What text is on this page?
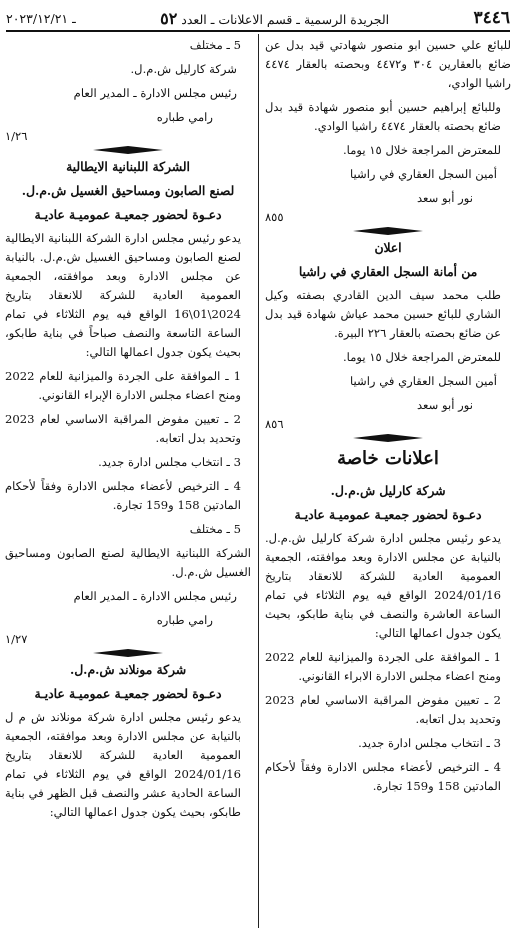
٣٤٤٦
الجريدة الرسمية ـ قسم الاعلانات ـ العدد ٥٢
ـ ٢٠٢٣/١٢/٢١

للبائع علي حسين ابو منصور شهادتي قيد بدل عن ضائع بالعقارين ٣٠٤ و٤٤٧٢ وبحصته بالعقار ٤٤٧٤ راشيا الوادي،

وللبائع إبراهيم حسين أبو منصور شهادة قيد بدل ضائع بحصته بالعقار ٤٤٧٤ راشيا الوادي.

للمعترض المراجعة خلال ١٥ يوما.

أمين السجل العقاري في راشيا

نور أبو سعد

٨٥٥

اعلان

من أمانة السجل العقاري في راشيا

طلب محمد سيف الدين القادري بصفته وكيل الشاري للبائع حسين محمد عياش شهادة قيد بدل عن ضائع بحصته بالعقار ٢٢٦ البيرة.

للمعترض المراجعة خلال ١٥ يوما.

أمين السجل العقاري في راشيا

نور أبو سعد

٨٥٦

اعلانات خاصة

شركة كارليل ش.م.ل.

دعـوة لحضور جمعيـة عموميـة عاديـة

يدعو رئيس مجلس ادارة شركة كارليل ش.م.ل. بالنيابة عن مجلس الادارة وبعد موافقته، الجمعية العمومية العادية للشركة للانعقاد بتاريخ 2024/01/16 الواقع فيه يوم الثلاثاء في تمام الساعة العاشرة والنصف في بناية طابكو، بحيث يكون جدول اعمالها التالي:

1 ـ الموافقة على الجردة والميزانية للعام 2022 ومنح اعضاء مجلس الادارة الابراء القانوني.

2 ـ تعيين مفوض المراقبة الاساسي لعام 2023 وتحديد بدل اتعابه.

3 ـ انتخاب مجلس ادارة جديد.

4 ـ الترخيص لأعضاء مجلس الادارة وفقاً لأحكام المادتين 158 و159 تجارة.

5 ـ مختلف

شركة كارليل ش.م.ل.

رئيس مجلس الادارة ـ المدير العام

رامي طباره

١/٢٦

الشركة اللبنانية الايطالية

لصنع الصابون ومساحيق الغسيل ش.م.ل.

دعـوة لحضور جمعيـة عموميـة عاديـة

يدعو رئيس مجلس ادارة الشركة اللبنانية الايطالية لصنع الصابون ومساحيق الغسيل ش.م.ل. بالنيابة عن مجلس الادارة وبعد موافقته، الجمعية العمومية العادية للشركة للانعقاد بتاريخ 2024\01\16 الواقع فيه يوم الثلاثاء في تمام الساعة التاسعة والنصف صباحاً في بناية طابكو، بحيث يكون جدول اعمالها التالي:

1 ـ الموافقة على الجردة والميزانية للعام 2022 ومنح اعضاء مجلس الادارة الإبراء القانوني.

2 ـ تعيين مفوض المراقبة الاساسي لعام 2023 وتحديد بدل اتعابه.

3 ـ انتخاب مجلس ادارة جديد.

4 ـ الترخيص لأعضاء مجلس الادارة وفقاً لأحكام المادتين 158 و159 تجارة.

5 ـ مختلف

الشركة اللبنانية الايطالية لصنع الصابون ومساحيق الغسيل ش.م.ل.

رئيس مجلس الادارة ـ المدير العام

رامي طباره

١/٢٧

شركة مونلاند ش.م.ل.

دعـوة لحضور جمعيـة عموميـة عاديـة

يدعو رئيس مجلس ادارة شركة مونلاند ش م ل بالنيابة عن مجلس الادارة وبعد موافقته، الجمعية العمومية العادية للشركة للانعقاد بتاريخ 2024/01/16 الواقع في يوم الثلاثاء في تمام الساعة الحادية عشر والنصف قبل الظهر في بناية طابكو، بحيث يكون جدول اعمالها التالي:
